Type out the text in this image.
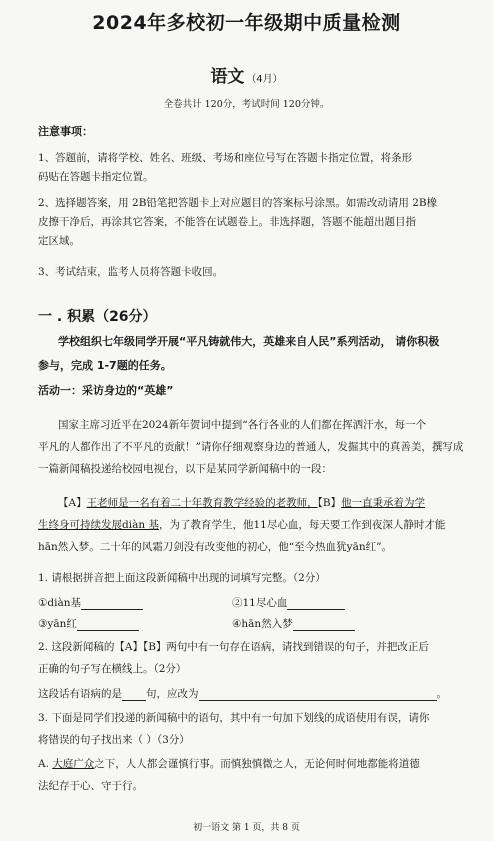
2024年多校初一年级期中质量检测
语文 （4月）
全卷共计 120分，考试时间 120分钟。
注意事项：
1、答题前，请将学校、姓名、班级、考场和座位号写在答题卡指定位置，将条形
码贴在答题卡指定位置。
2、选择题答案，用 2B铅笔把答题卡上对应题目的答案标号涂黑。如需改动请用 2B橡
皮擦干净后，再涂其它答案，不能答在试题卷上。非选择题，答题不能超出题目指
定区域。
3、考试结束，监考人员将答题卡收回。
一 . 积累（26分）
学校组织七年级同学开展“平凡铸就伟大，英雄来自人民”系列活动， 请你积极
参与，完成 1-7题的任务。
活动一：采访身边的“英雄”
国家主席习近平在2024新年贺词中提到“各行各业的人们都在挥洒汗水，每一个
平凡的人都作出了不平凡的贡献！”请你仔细观察身边的普通人，发掘其中的真善美，撰写成
一篇新闻稿投递给校园电视台，以下是某同学新闻稿中的一段：
【A】王老师是一名有着二十年教育教学经验的老教师，【B】他一直秉承着为学
生终身可持续发展diàn 基，为了教育学生，他11尽心血，每天要工作到夜深人静时才能
hān然入梦。二十年的风霜刀剑没有改变他的初心，他“至今热血犹yān红”。
1. 请根据拼音把上面这段新闻稿中出现的词填写完整。（2分）
①diàn基	②11尽心血
③yān红	④hān然入梦
2. 这段新闻稿的【A】【B】两句中有一句存在语病，请找到错误的句子，并把改正后
正确的句子写在横线上。（2分）
这段话有语病的是 句，应改为	。
3. 下面是同学们投递的新闻稿中的语句，其中有一句加下划线的成语使用有误，请你
将错误的句子找出来（ ）（3分）
A. 大庭广众之下，人人都会谨慎行事。而慎独慎微之人，无论何时何地都能将道德
法纪存于心、守于行。
初一语文 第 1 页，共 8 页
